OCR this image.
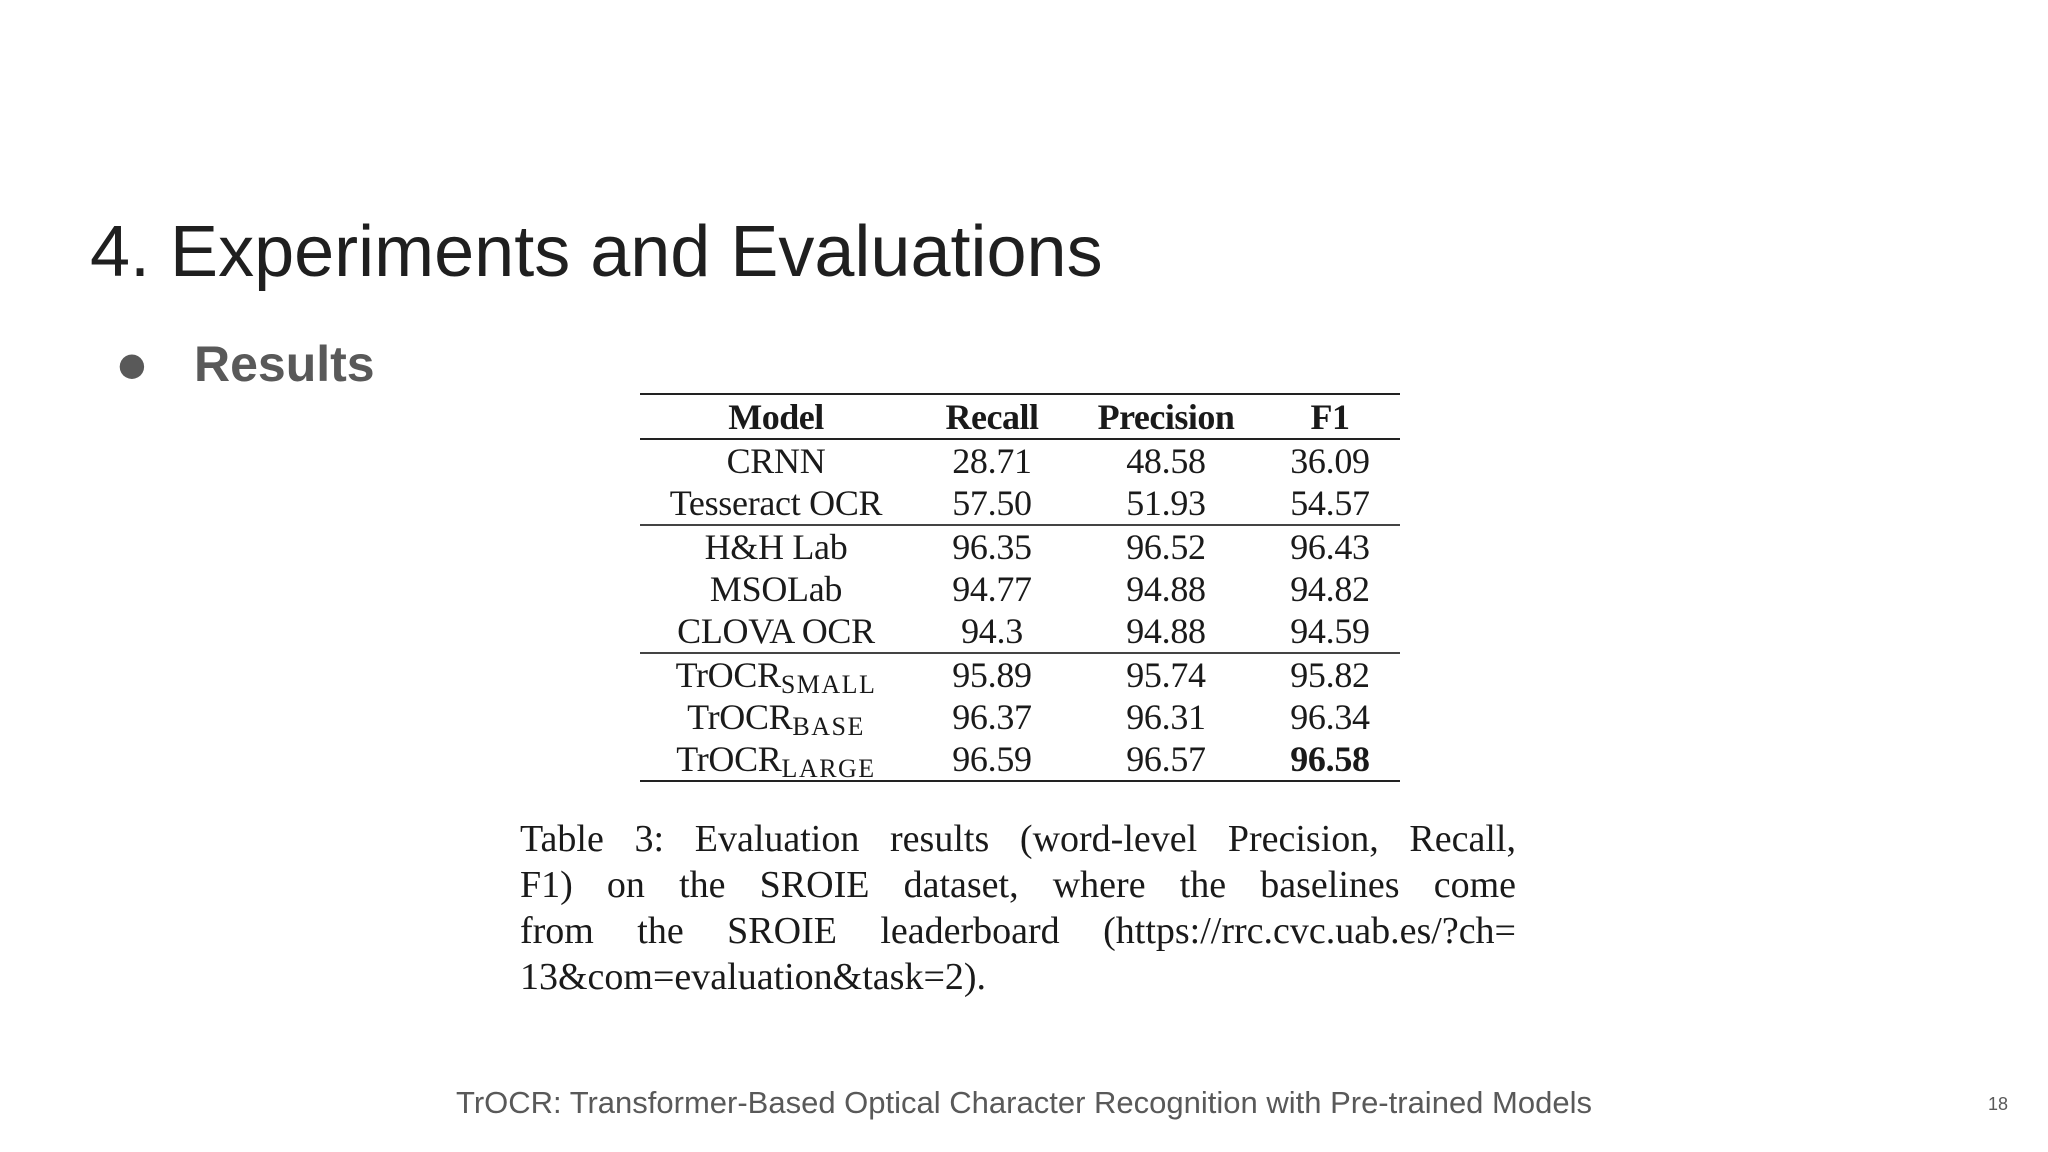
4. Experiments and Evaluations
● Results
Model	Recall	Precision	F1
CRNN	28.71	48.58	36.09
Tesseract OCR	57.50	51.93	54.57
H&H Lab	96.35	96.52	96.43
MSOLab	94.77	94.88	94.82
CLOVA OCR	94.3	94.88	94.59
TrOCRSMALL	95.89	95.74	95.82
TrOCRBASE	96.37	96.31	96.34
TrOCRLARGE	96.59	96.57	96.58

Table 3: Evaluation results (word-level Precision, Recall,
F1) on the SROIE dataset, where the baselines come
from the SROIE leaderboard (https://rrc.cvc.uab.es/?ch=
13&com=evaluation&task=2).

TrOCR: Transformer-Based Optical Character Recognition with Pre-trained Models	18
